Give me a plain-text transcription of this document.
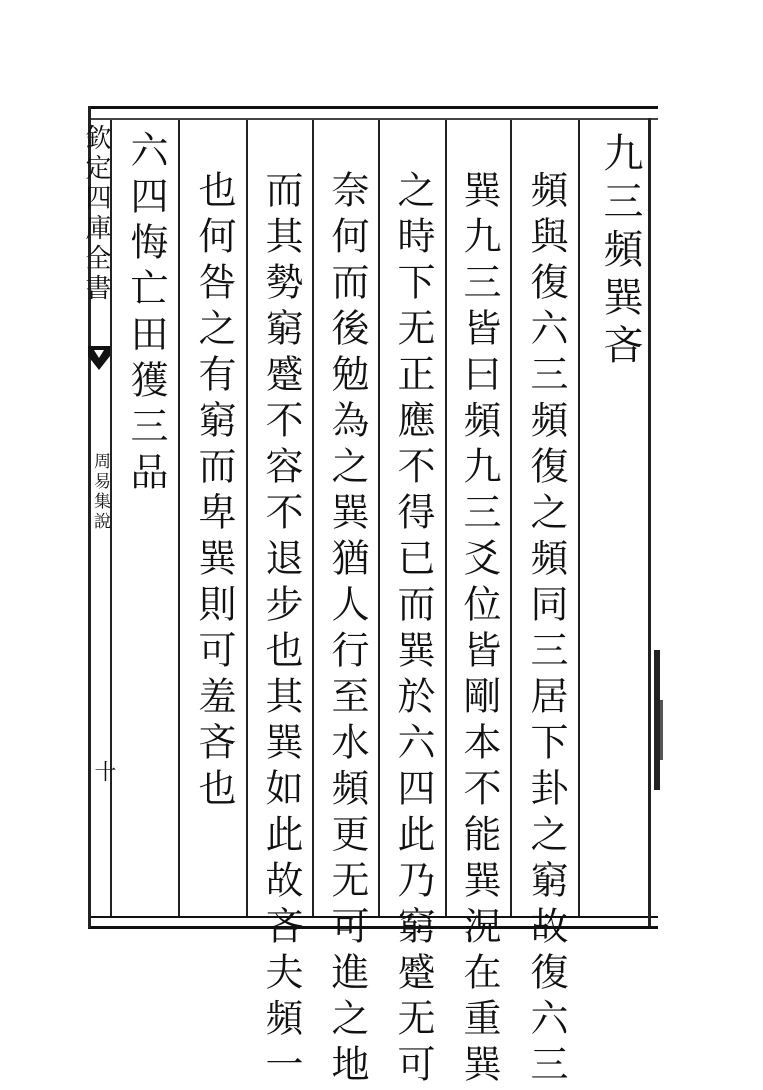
欽定四庫全書
周易集說
十
九三頻巽吝
頻與復六三頻復之頻同三居下卦之窮故復六三
巽九三皆曰頻九三爻位皆剛本不能巽況在重巽
之時下无正應不得已而巽於六四此乃窮蹙无可
奈何而後勉為之巽猶人行至水頻更无可進之地
而其勢窮蹙不容不退步也其巽如此故吝夫頻一
也何咎之有窮而卑巽則可羞吝也
六四悔亡田獲三品
